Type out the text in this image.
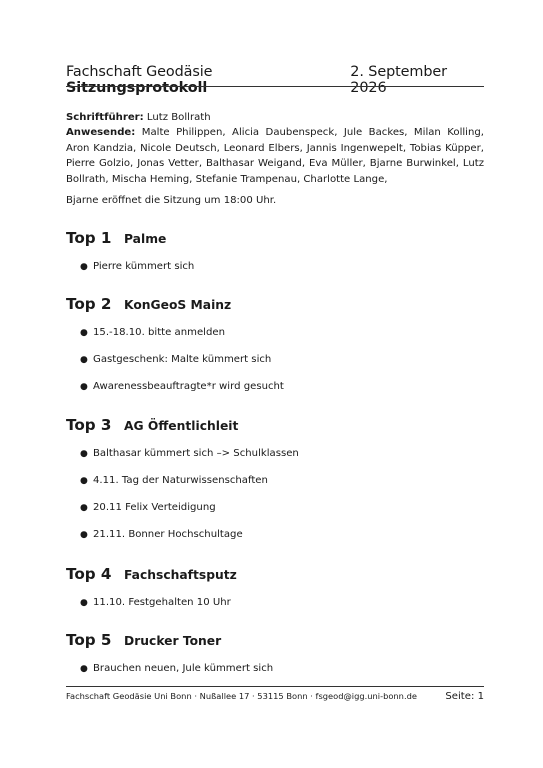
Fachschaft Geodäsie Sitzungsprotokoll
2. September 2026

Schriftführer: Lutz Bollrath

Anwesende: Malte Philippen, Alicia Daubenspeck, Jule Backes, Milan Kolling, Aron Kandzia, Nicole Deutsch, Leonard Elbers, Jannis Ingenwepelt, Tobias Küpper, Pierre Golzio, Jonas Vetter, Balthasar Weigand, Eva Müller, Bjarne Burwinkel, Lutz Bollrath, Mischa Heming, Stefanie Trampenau, Charlotte Lange,

Bjarne eröffnet die Sitzung um 18:00 Uhr.
Top 1	Palme
● Pierre kümmert sich
Top 2	KonGeoS Mainz
● 15.-18.10. bitte anmelden
● Gastgeschenk: Malte kümmert sich
● Awarenessbeauftragte*r wird gesucht
Top 3	AG Öffentlichleit
● Balthasar kümmert sich –> Schulklassen
● 4.11. Tag der Naturwissenschaften
● 20.11 Felix Verteidigung
● 21.11. Bonner Hochschultage
Top 4	Fachschaftsputz
● 11.10. Festgehalten 10 Uhr
Top 5	Drucker Toner
● Brauchen neuen, Jule kümmert sich
Fachschaft Geodäsie Uni Bonn · Nußallee 17 · 53115 Bonn · fsgeod@igg.uni-bonn.de	Seite: 1
